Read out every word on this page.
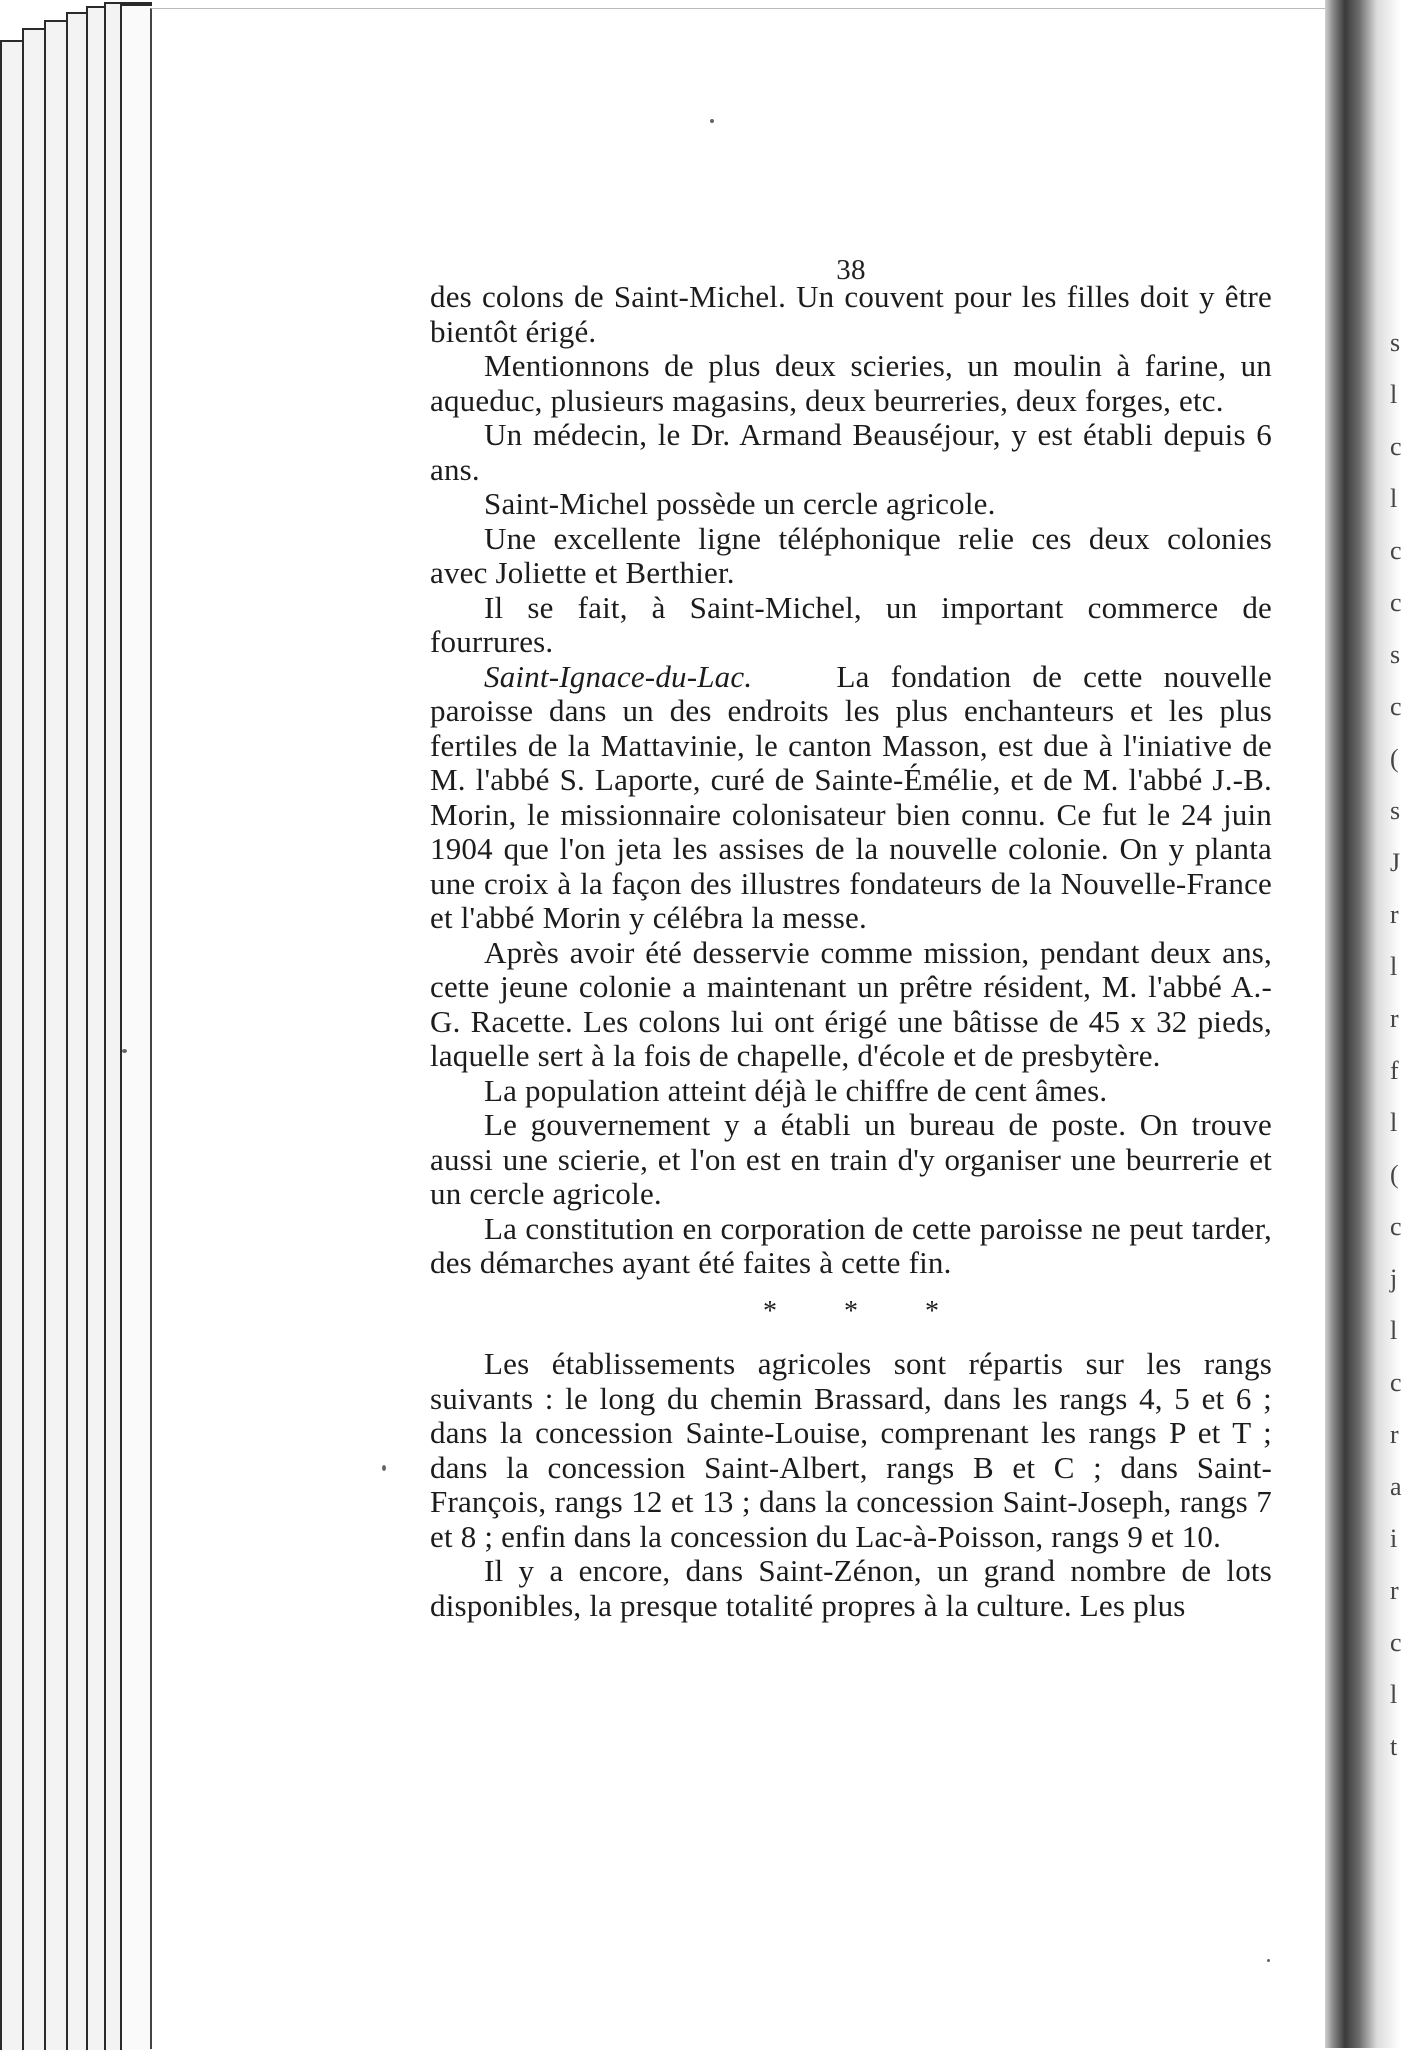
s
l
c
l
c
c
s
c
(
s
J
r
l
r
f
l
(
c
j
l
c
r
a
i
r
c
l
t
38

des colons de Saint-Michel. Un couvent pour les filles doit y être bientôt érigé.

Mentionnons de plus deux scieries, un moulin à farine, un aqueduc, plusieurs magasins, deux beurreries, deux forges, etc.

Un médecin, le Dr. Armand Beauséjour, y est établi depuis 6 ans.

Saint-Michel possède un cercle agricole.

Une excellente ligne téléphonique relie ces deux colonies avec Joliette et Berthier.

Il se fait, à Saint-Michel, un important commerce de fourrures.

Saint-Ignace-du-Lac.	La fondation de cette nouvelle paroisse dans un des endroits les plus enchanteurs et les plus fertiles de la Mattavinie, le canton Masson, est due à l'iniative de M. l'abbé S. Laporte, curé de Sainte-Émélie, et de M. l'abbé J.-B. Morin, le missionnaire colonisateur bien connu. Ce fut le 24 juin 1904 que l'on jeta les assises de la nouvelle colonie. On y planta une croix à la façon des illustres fondateurs de la Nouvelle-France et l'abbé Morin y célébra la messe.

Après avoir été desservie comme mission, pendant deux ans, cette jeune colonie a maintenant un prêtre résident, M. l'abbé A.-G. Racette. Les colons lui ont érigé une bâtisse de 45 x 32 pieds, laquelle sert à la fois de chapelle, d'école et de presbytère.

La population atteint déjà le chiffre de cent âmes.

Le gouvernement y a établi un bureau de poste. On trouve aussi une scierie, et l'on est en train d'y organiser une beurrerie et un cercle agricole.

La constitution en corporation de cette paroisse ne peut tarder, des démarches ayant été faites à cette fin.

* * *

Les établissements agricoles sont répartis sur les rangs suivants : le long du chemin Brassard, dans les rangs 4, 5 et 6 ; dans la concession Sainte-Louise, comprenant les rangs P et T ; dans la concession Saint-Albert, rangs B et C ; dans Saint-François, rangs 12 et 13 ; dans la concession Saint-Joseph, rangs 7 et 8 ; enfin dans la concession du Lac-à-Poisson, rangs 9 et 10.

Il y a encore, dans Saint-Zénon, un grand nombre de lots disponibles, la presque totalité propres à la culture. Les plus
